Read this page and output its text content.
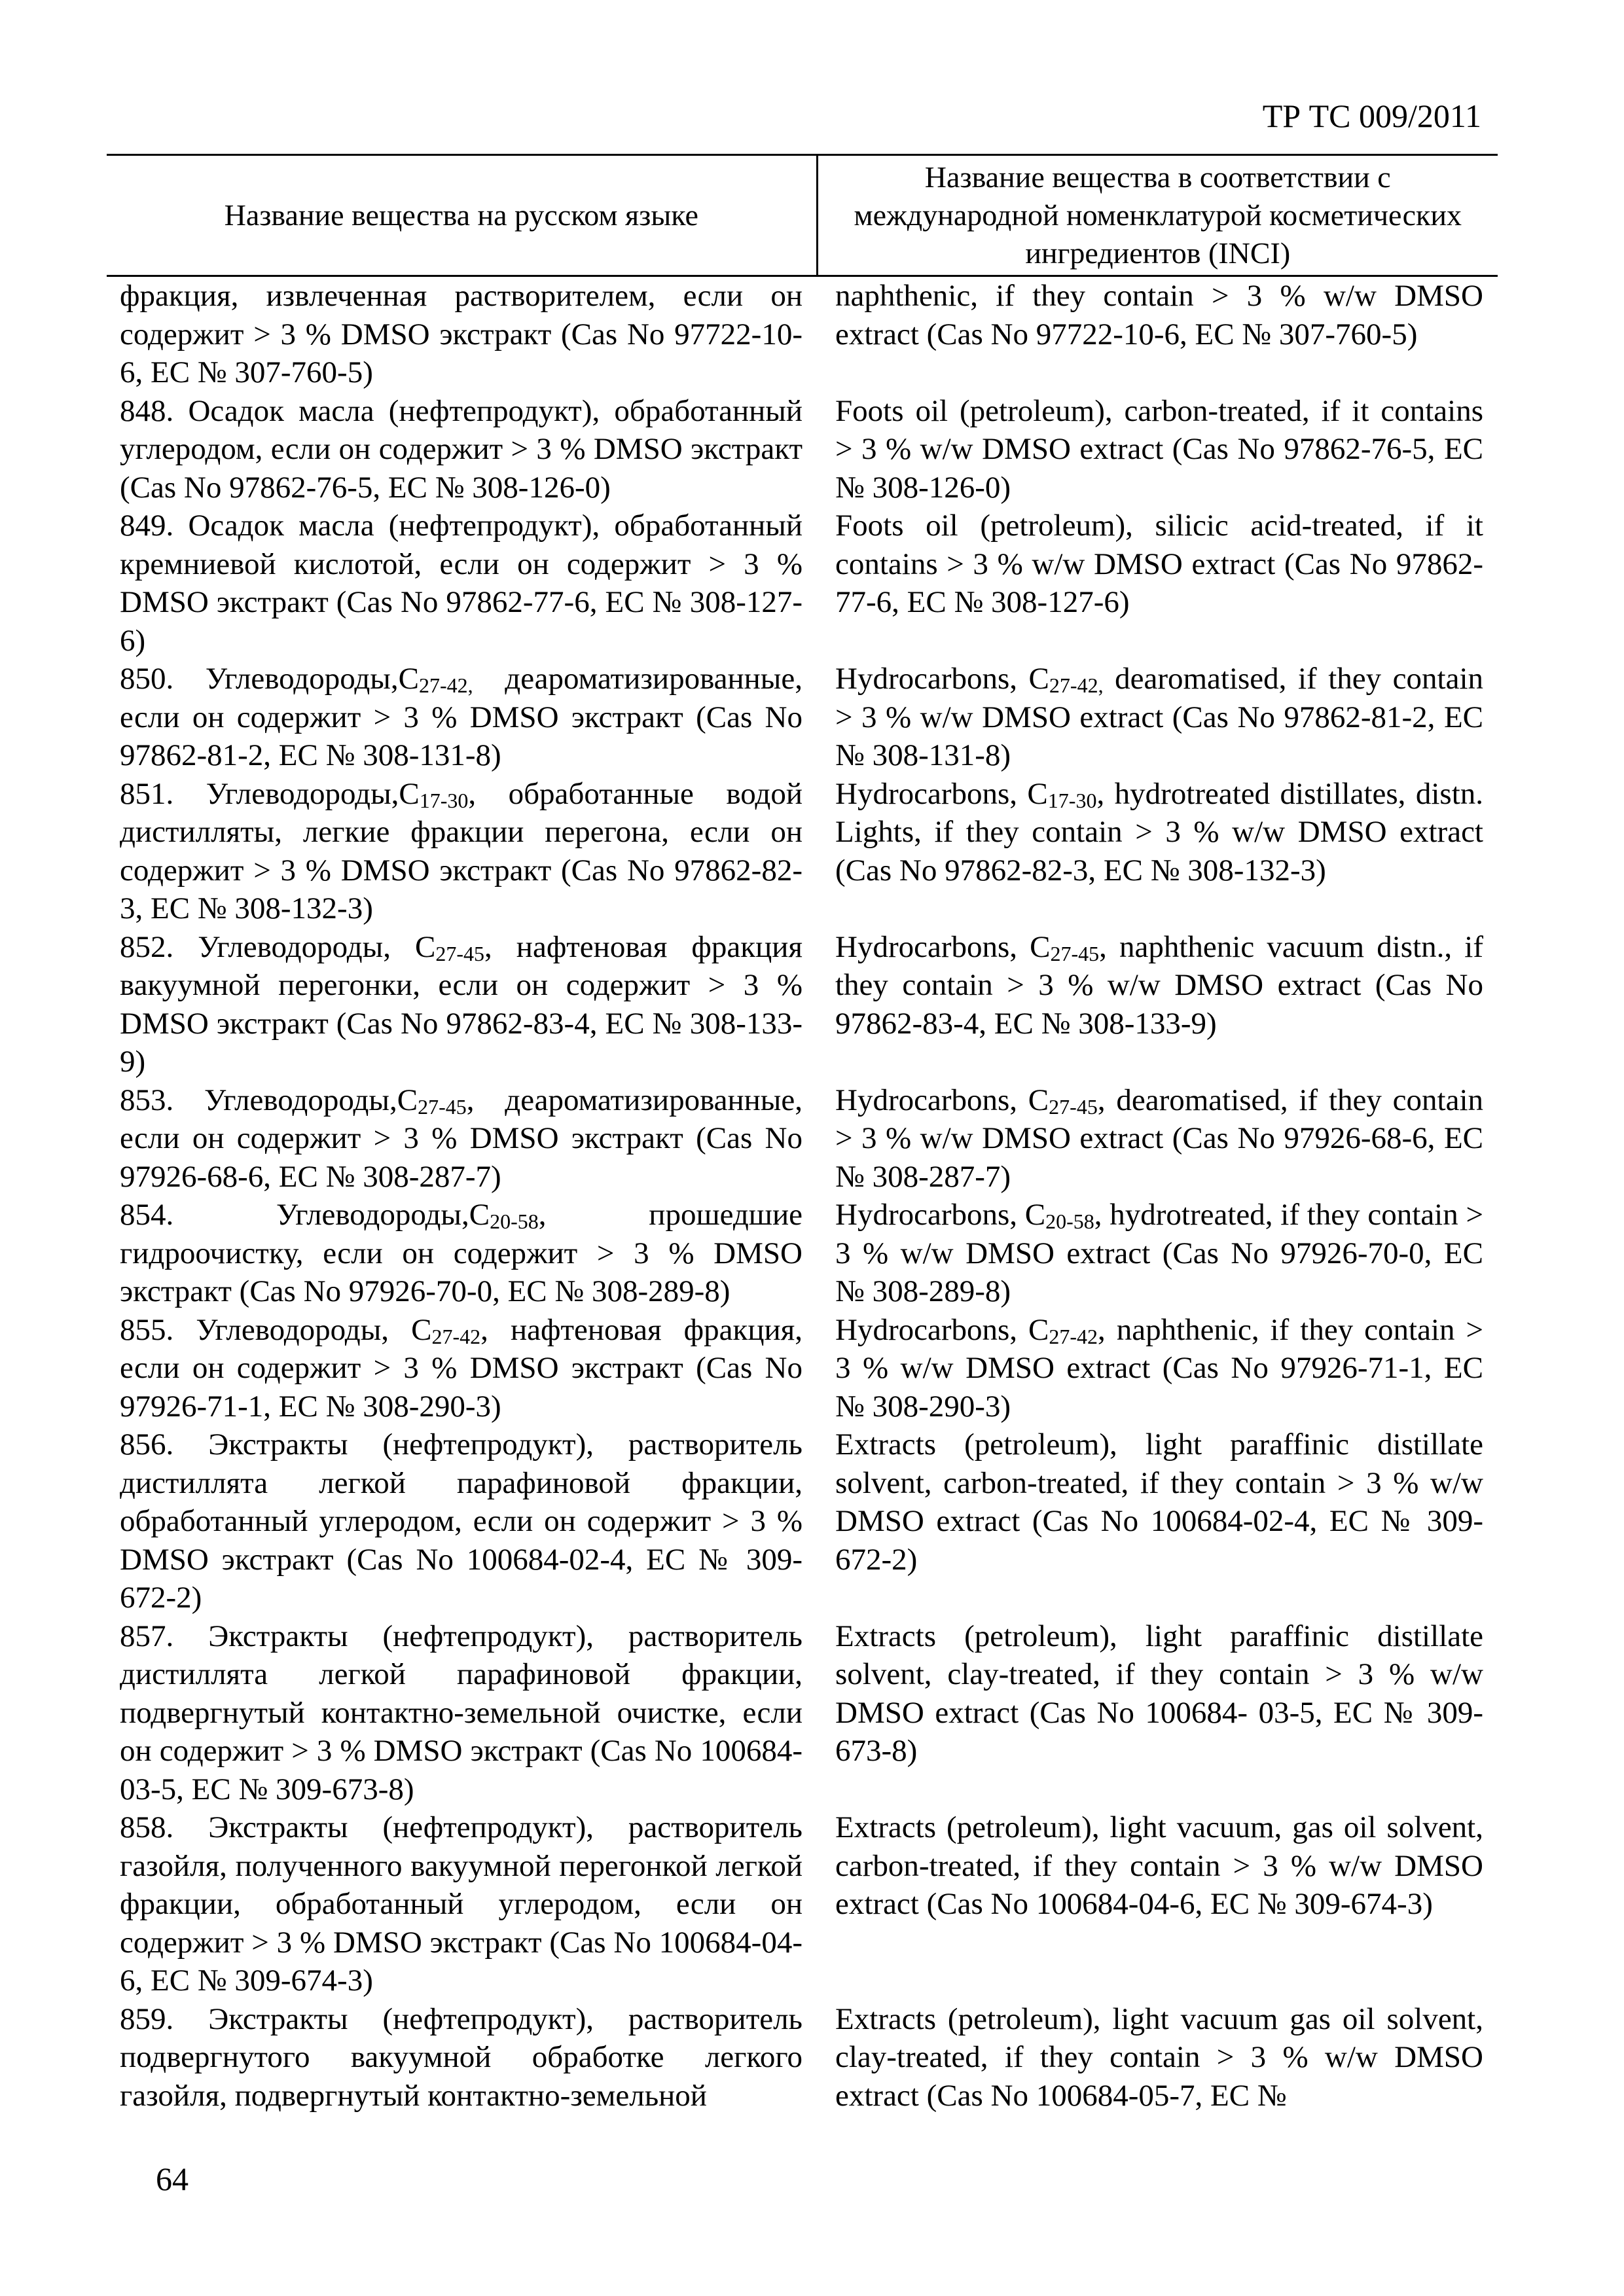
ТР ТС 009/2011
Название вещества на русском языке	Название вещества в соответствии с международной номенклатурой косметических ингредиентов (INCI)
фракция, извлеченная растворителем, если он содержит > 3 % DMSO экстракт (Cas No 97722-10-6, ЕС № 307-760-5)	naphthenic, if they contain > 3 % w/w DMSO extract (Cas No 97722-10-6, ЕС № 307-760-5)
848. Осадок масла (нефтепродукт), обработанный углеродом, если он содержит > 3 % DMSO экстракт (Cas No 97862-76-5, ЕС № 308-126-0)	Foots oil (petroleum), carbon-treated, if it contains > 3 % w/w DMSO extract (Cas No 97862-76-5, ЕС № 308-126-0)
849. Осадок масла (нефтепродукт), обработанный кремниевой кислотой, если он содержит > 3 % DMSO экстракт (Cas No 97862-77-6, ЕС № 308-127-6)	Foots oil (petroleum), silicic acid-treated, if it contains > 3 % w/w DMSO extract (Cas No 97862-77-6, ЕС № 308-127-6)
850. $Углеводороды,C_{27-42,}$ деароматизированные, если он содержит > 3 % DMSO экстракт (Cas No 97862-81-2, ЕС № 308-131-8)	Hydrocarbons, $C_{27-42,}$ dearomatised, if they contain > 3 % w/w DMSO extract (Cas No 97862-81-2, ЕС № 308-131-8)
851. $Углеводороды,C_{17-30}$, обработанные водой дистилляты, легкие фракции перегона, если он содержит > 3 % DMSO экстракт (Cas No 97862-82-3, ЕС № 308-132-3)	Hydrocarbons, $C_{17-30}$, hydrotreated distillates, distn. Lights, if they contain > 3 % w/w DMSO extract (Cas No 97862-82-3, ЕС № 308-132-3)
852. Углеводороды, $C_{27-45}$, нафтеновая фракция вакуумной перегонки, если он содержит > 3 % DMSO экстракт (Cas No 97862-83-4, ЕС № 308-133-9)	Hydrocarbons, $C_{27-45}$, naphthenic vacuum distn., if they contain > 3 % w/w DMSO extract (Cas No 97862-83-4, ЕС № 308-133-9)
853. $Углеводороды,C_{27-45}$, деароматизированные, если он содержит > 3 % DMSO экстракт (Cas No 97926-68-6, ЕС № 308-287-7)	Hydrocarbons, $C_{27-45}$, dearomatised, if they contain > 3 % w/w DMSO extract (Cas No 97926-68-6, ЕС № 308-287-7)
854. $Углеводороды,C_{20-58}$, прошедшие гидроочистку, если он содержит > 3 % DMSO экстракт (Cas No 97926-70-0, ЕС № 308-289-8)	Hydrocarbons, $C_{20-58}$, hydrotreated, if they contain > 3 % w/w DMSO extract (Cas No 97926-70-0, ЕС № 308-289-8)
855. Углеводороды, $C_{27-42}$, нафтеновая фракция, если он содержит > 3 % DMSO экстракт (Cas No 97926-71-1, ЕС № 308-290-3)	Hydrocarbons, $C_{27-42}$, naphthenic, if they contain > 3 % w/w DMSO extract (Cas No 97926-71-1, ЕС № 308-290-3)
856. Экстракты (нефтепродукт), растворитель дистиллята легкой парафиновой фракции, обработанный углеродом, если он содержит > 3 % DMSO экстракт (Cas No 100684-02-4, ЕС № 309-672-2)	Extracts (petroleum), light paraffinic distillate solvent, carbon-treated, if they contain > 3 % w/w DMSO extract (Cas No 100684-02-4, ЕС № 309-672-2)
857. Экстракты (нефтепродукт), растворитель дистиллята легкой парафиновой фракции, подвергнутый контактно-земельной очистке, если он содержит > 3 % DMSO экстракт (Cas No 100684- 03-5, ЕС № 309-673-8)	Extracts (petroleum), light paraffinic distillate solvent, clay-treated, if they contain > 3 % w/w DMSO extract (Cas No 100684- 03-5, ЕС № 309-673-8)
858. Экстракты (нефтепродукт), растворитель газойля, полученного вакуумной перегонкой легкой фракции, обработанный углеродом, если он содержит > 3 % DMSO экстракт (Cas No 100684-04-6, ЕС № 309-674-3)	Extracts (petroleum), light vacuum, gas oil solvent, carbon-treated, if they contain > 3 % w/w DMSO extract (Cas No 100684-04-6, ЕС № 309-674-3)
859. Экстракты (нефтепродукт), растворитель подвергнутого вакуумной обработке легкого газойля, подвергнутый контактно-земельной	Extracts (petroleum), light vacuum gas oil solvent, clay-treated, if they contain > 3 % w/w DMSO extract (Cas No 100684-05-7, ЕС №
64
